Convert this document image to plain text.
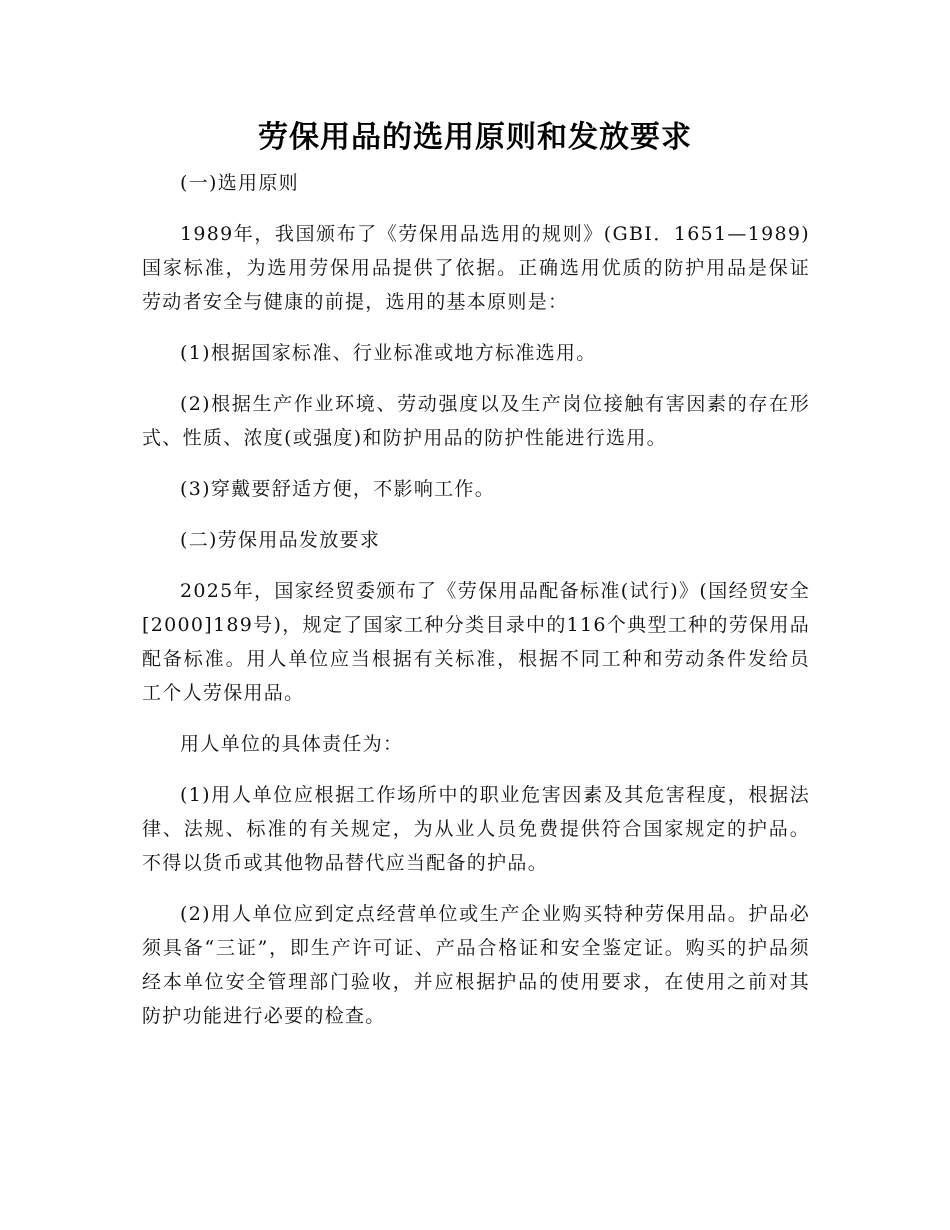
劳保用品的选用原则和发放要求

(一)选用原则

1989年，我国颁布了《劳保用品选用的规则》(GBI．1651—1989)国家标准，为选用劳保用品提供了依据。正确选用优质的防护用品是保证劳动者安全与健康的前提，选用的基本原则是：

(1)根据国家标准、行业标准或地方标准选用。

(2)根据生产作业环境、劳动强度以及生产岗位接触有害因素的存在形式、性质、浓度(或强度)和防护用品的防护性能进行选用。

(3)穿戴要舒适方便，不影响工作。

(二)劳保用品发放要求

2025年，国家经贸委颁布了《劳保用品配备标准(试行)》(国经贸安全[2000]189号)，规定了国家工种分类目录中的116个典型工种的劳保用品配备标准。用人单位应当根据有关标准，根据不同工种和劳动条件发给员工个人劳保用品。

用人单位的具体责任为：

(1)用人单位应根据工作场所中的职业危害因素及其危害程度，根据法律、法规、标准的有关规定，为从业人员免费提供符合国家规定的护品。不得以货币或其他物品替代应当配备的护品。

(2)用人单位应到定点经营单位或生产企业购买特种劳保用品。护品必须具备“三证”，即生产许可证、产品合格证和安全鉴定证。购买的护品须经本单位安全管理部门验收，并应根据护品的使用要求，在使用之前对其防护功能进行必要的检查。
